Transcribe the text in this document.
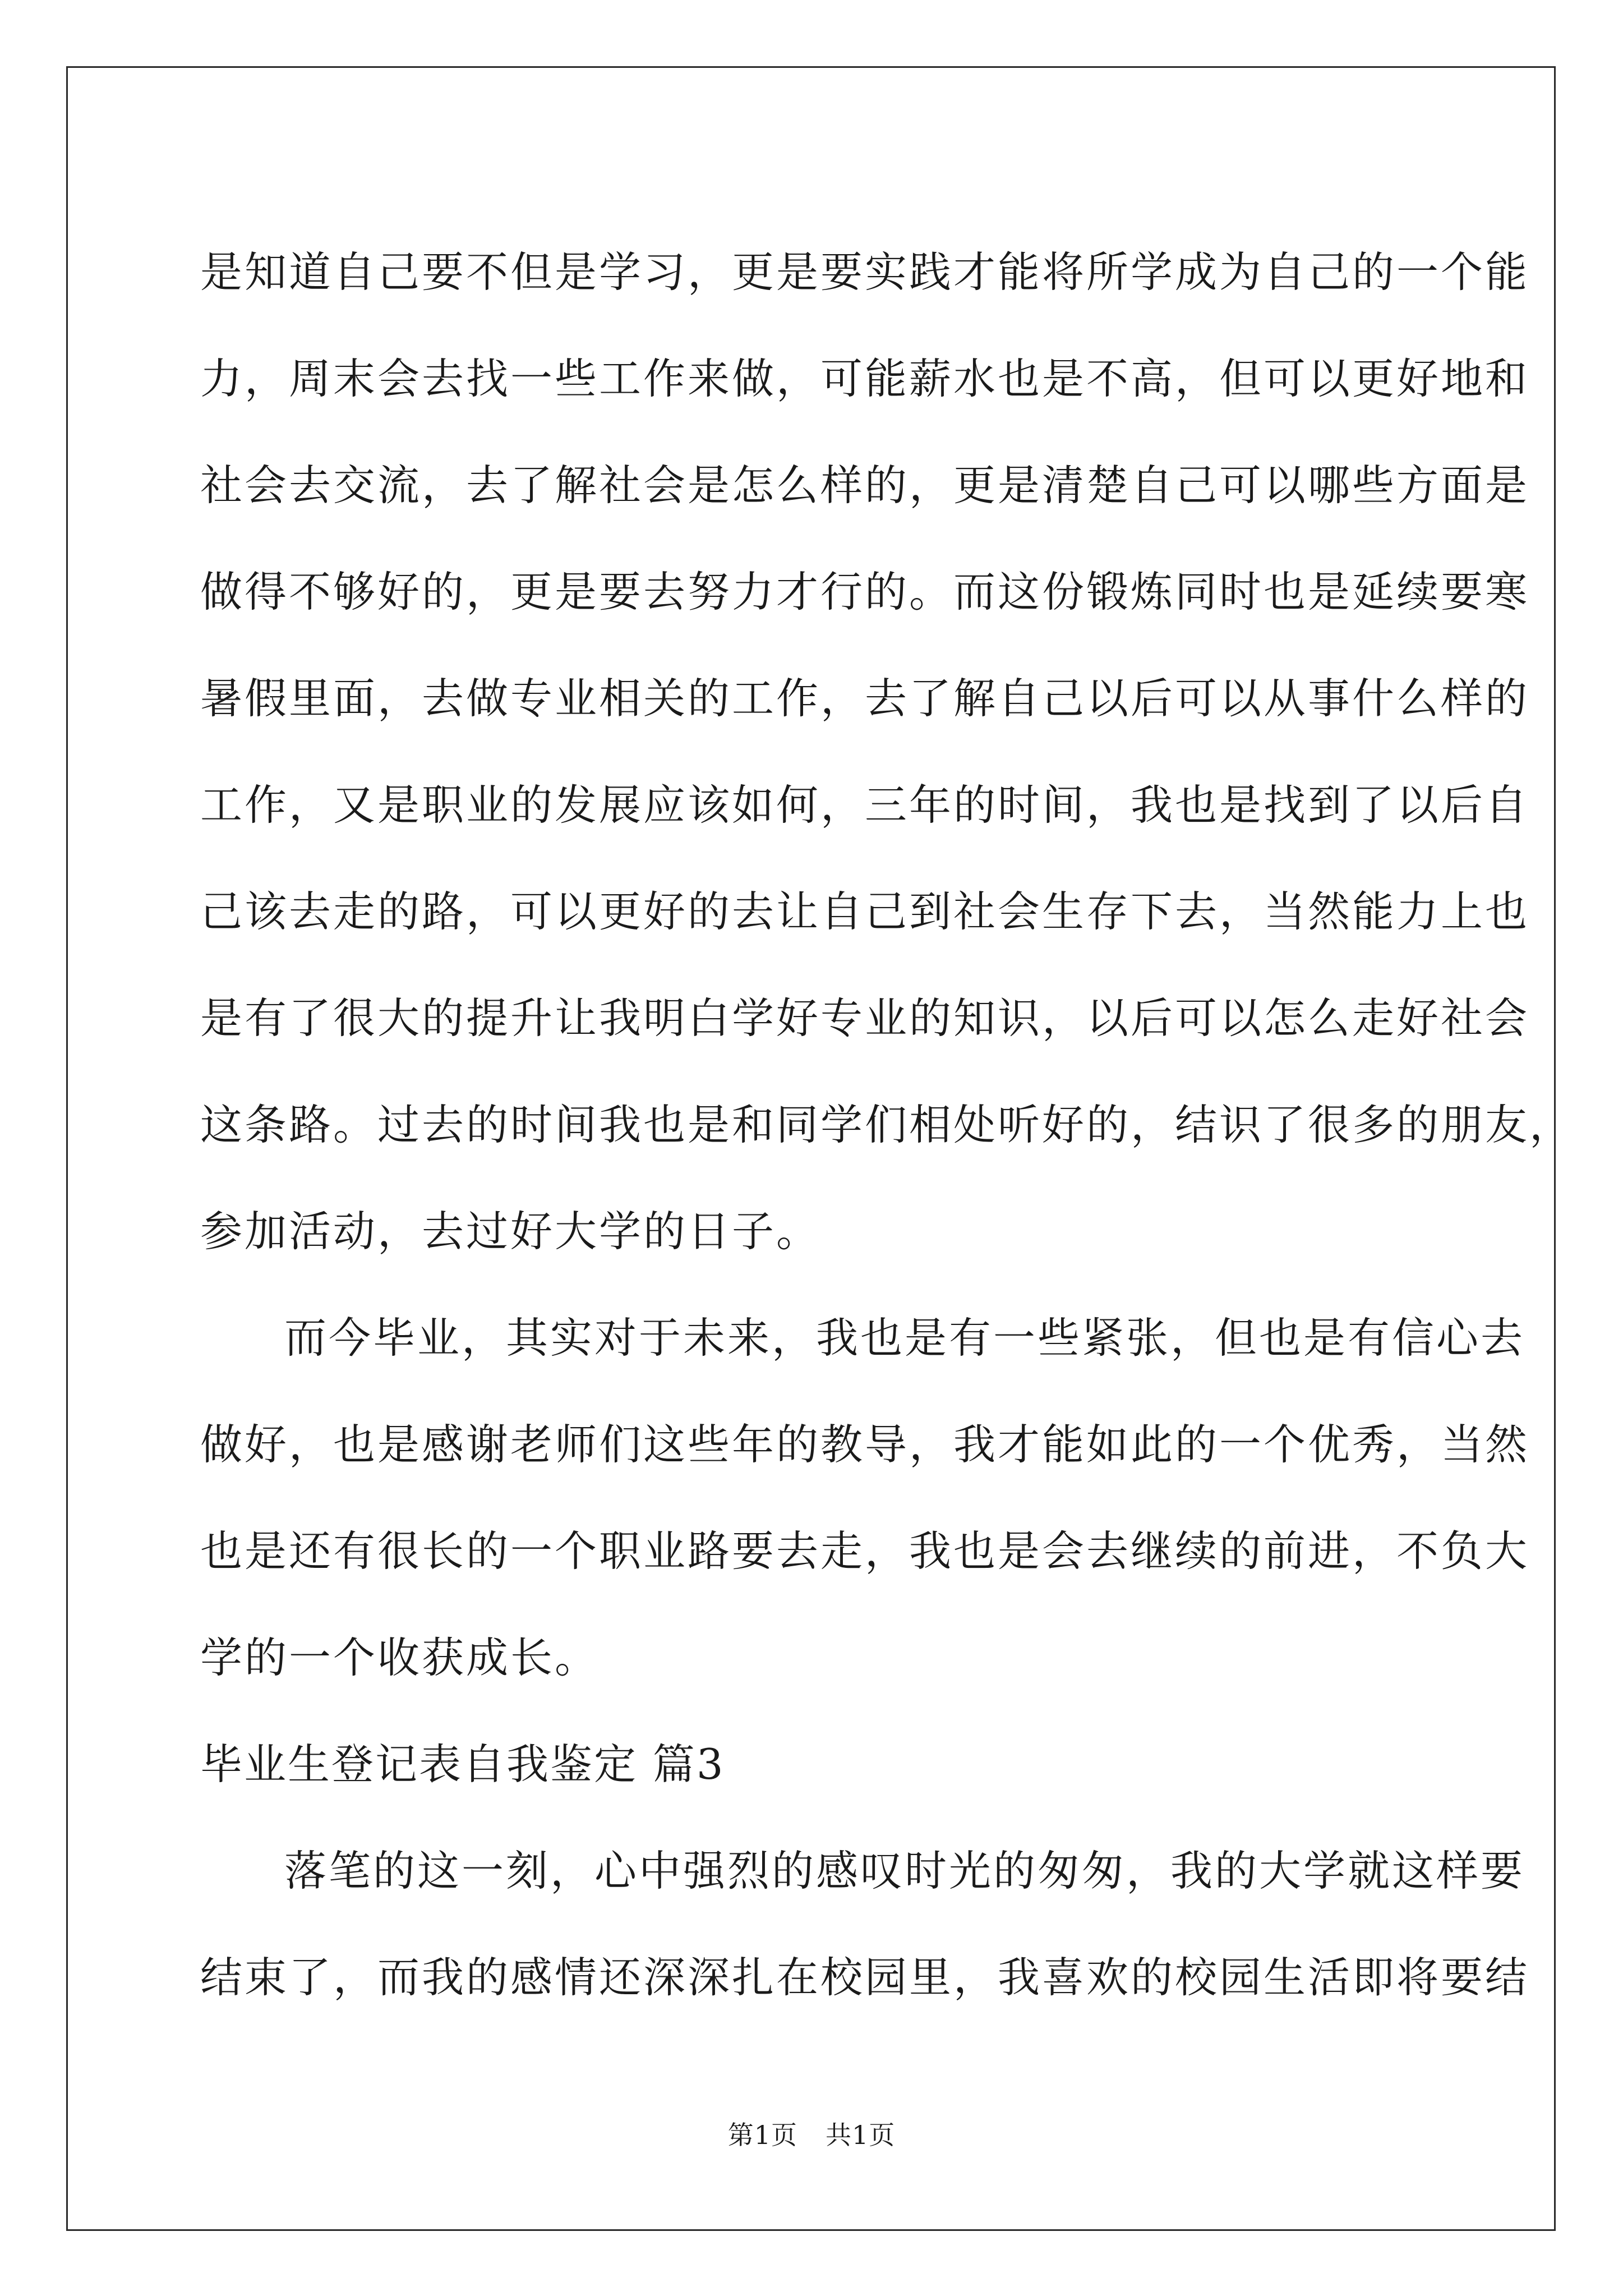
是知道自己要不但是学习，更是要实践才能将所学成为自己的一个能
力，周末会去找一些工作来做，可能薪水也是不高，但可以更好地和
社会去交流，去了解社会是怎么样的，更是清楚自己可以哪些方面是
做得不够好的，更是要去努力才行的。而这份锻炼同时也是延续要寒
暑假里面，去做专业相关的工作，去了解自己以后可以从事什么样的
工作，又是职业的发展应该如何，三年的时间，我也是找到了以后自
己该去走的路，可以更好的去让自己到社会生存下去，当然能力上也
是有了很大的提升让我明白学好专业的知识，以后可以怎么走好社会
这条路。过去的时间我也是和同学们相处听好的，结识了很多的朋友，
参加活动，去过好大学的日子。
而今毕业，其实对于未来，我也是有一些紧张，但也是有信心去
做好，也是感谢老师们这些年的教导，我才能如此的一个优秀，当然
也是还有很长的一个职业路要去走，我也是会去继续的前进，不负大
学的一个收获成长。
毕业生登记表自我鉴定 篇3
落笔的这一刻，心中强烈的感叹时光的匆匆，我的大学就这样要
结束了，而我的感情还深深扎在校园里，我喜欢的校园生活即将要结
第1页 共1页
